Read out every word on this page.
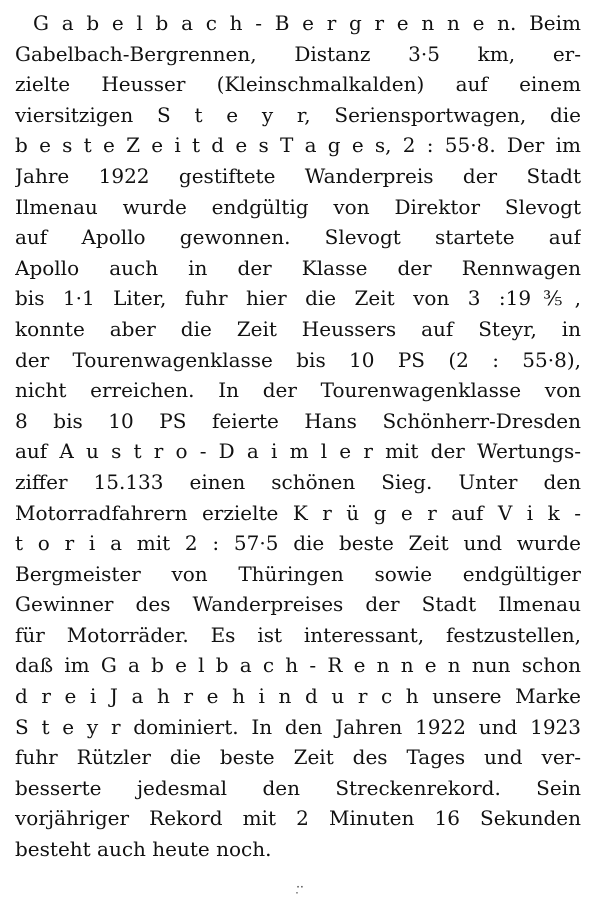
G a b e l b a c h - B e r g r e n n e n. Beim
Gabelbach-Bergrennen, Distanz 3·5 km, er-
zielte Heusser (Kleinschmalkalden) auf einem
viersitzigen S t e y r, Seriensportwagen, die
b e s t e Z e i t d e s T a g e s, 2 : 55·8. Der im
Jahre 1922 gestiftete Wanderpreis der Stadt
Ilmenau wurde endgültig von Direktor Slevogt
auf Apollo gewonnen. Slevogt startete auf
Apollo auch in der Klasse der Rennwagen
bis 1·1 Liter, fuhr hier die Zeit von 3 :19⅗,
konnte aber die Zeit Heussers auf Steyr, in
der Tourenwagenklasse bis 10 PS (2 : 55·8),
nicht erreichen. In der Tourenwagenklasse von
8 bis 10 PS feierte Hans Schönherr-Dresden
auf A u s t r o - D a i m l e r mit der Wertungs-
ziffer 15.133 einen schönen Sieg. Unter den
Motorradfahrern erzielte K r ü g e r auf V i k -
t o r i a mit 2 : 57·5 die beste Zeit und wurde
Bergmeister von Thüringen sowie endgültiger
Gewinner des Wanderpreises der Stadt Ilmenau
für Motorräder. Es ist interessant, festzustellen,
daß im G a b e l b a c h - R e n n e n nun schon
d r e i J a h r e h i n d u r c h unsere Marke
S t e y r dominiert. In den Jahren 1922 und 1923
fuhr Rützler die beste Zeit des Tages und ver-
besserte jedesmal den Streckenrekord. Sein
vorjähriger Rekord mit 2 Minuten 16 Sekunden
besteht auch heute noch.
·̣·
